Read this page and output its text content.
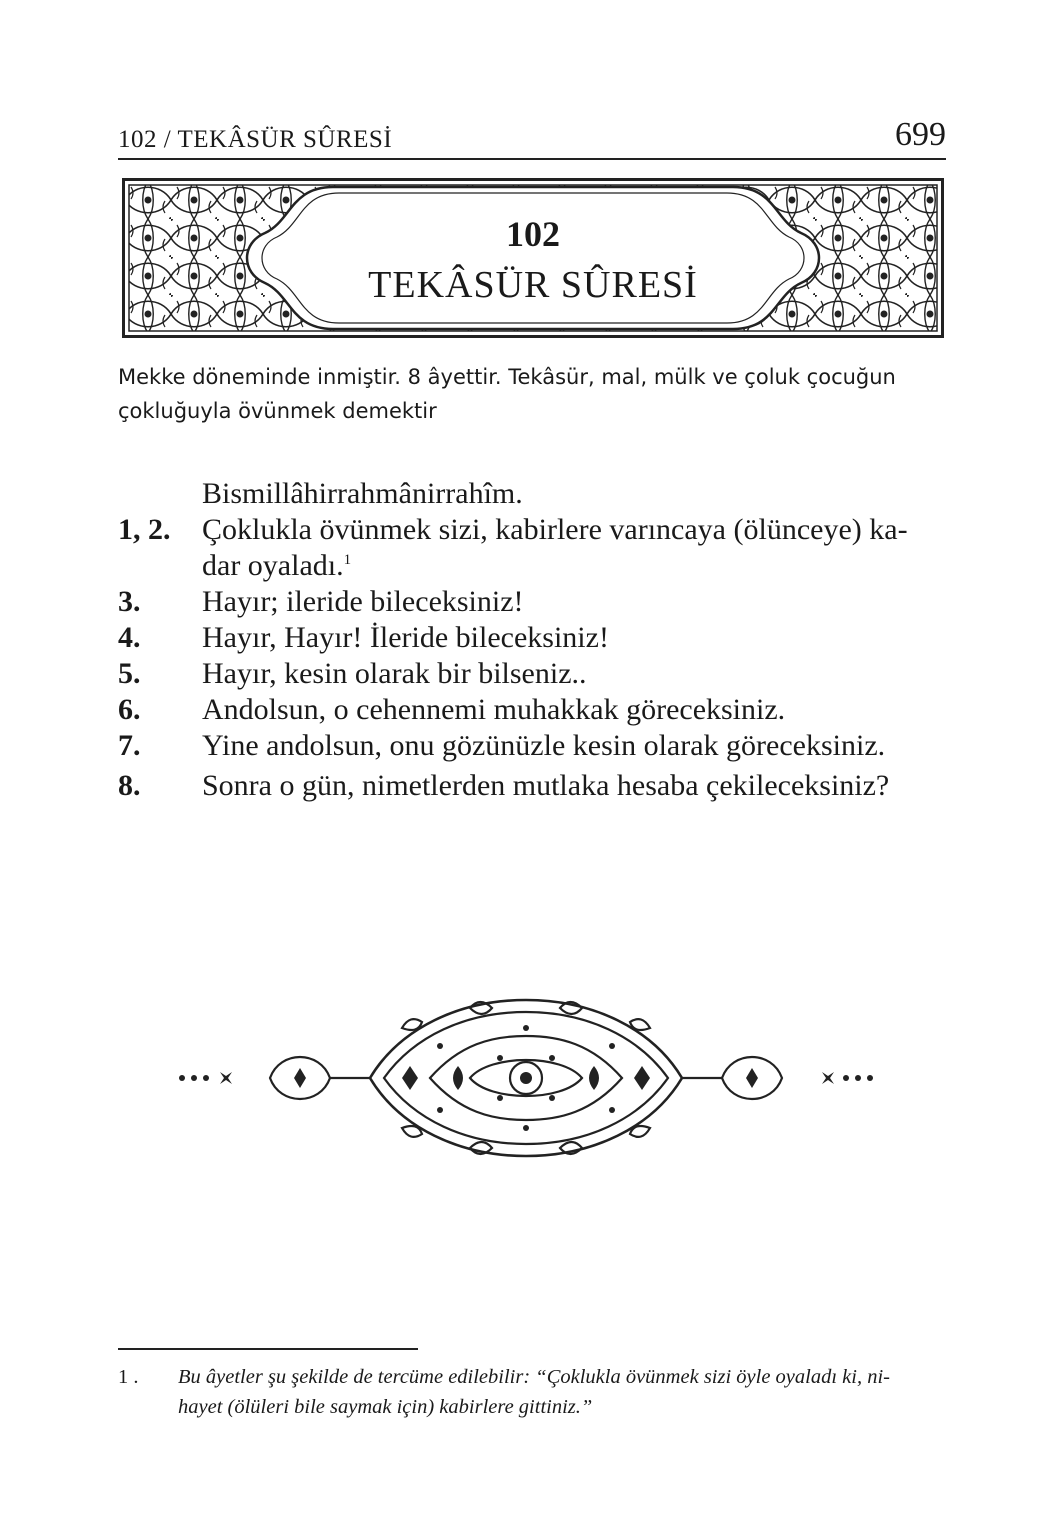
102 / TEKÂSÜR SÛRESİ	699
102
TEKÂSÜR SÛRESİ
Mekke döneminde inmiştir. 8 âyettir. Tekâsür, mal, mülk ve çoluk çocuğun
çokluğuyla övünmek demektir
Bismillâhirrahmânirrahîm.
1, 2.	Çoklukla övünmek sizi, kabirlere varıncaya (ölünceye) ka-
dar oyaladı.$^1$
3.	Hayır; ileride bileceksiniz!
4.	Hayır, Hayır! İleride bileceksiniz!
5.	Hayır, kesin olarak bir bilseniz..
6.	Andolsun, o cehennemi muhakkak göreceksiniz.
7.	Yine andolsun, onu gözünüzle kesin olarak göreceksiniz.
8.	Sonra o gün, nimetlerden mutlaka hesaba çekileceksiniz?
1 .	Bu âyetler şu şekilde de tercüme edilebilir: “Çoklukla övünmek sizi öyle oyaladı ki, ni-
hayet (ölüleri bile saymak için) kabirlere gittiniz.”
